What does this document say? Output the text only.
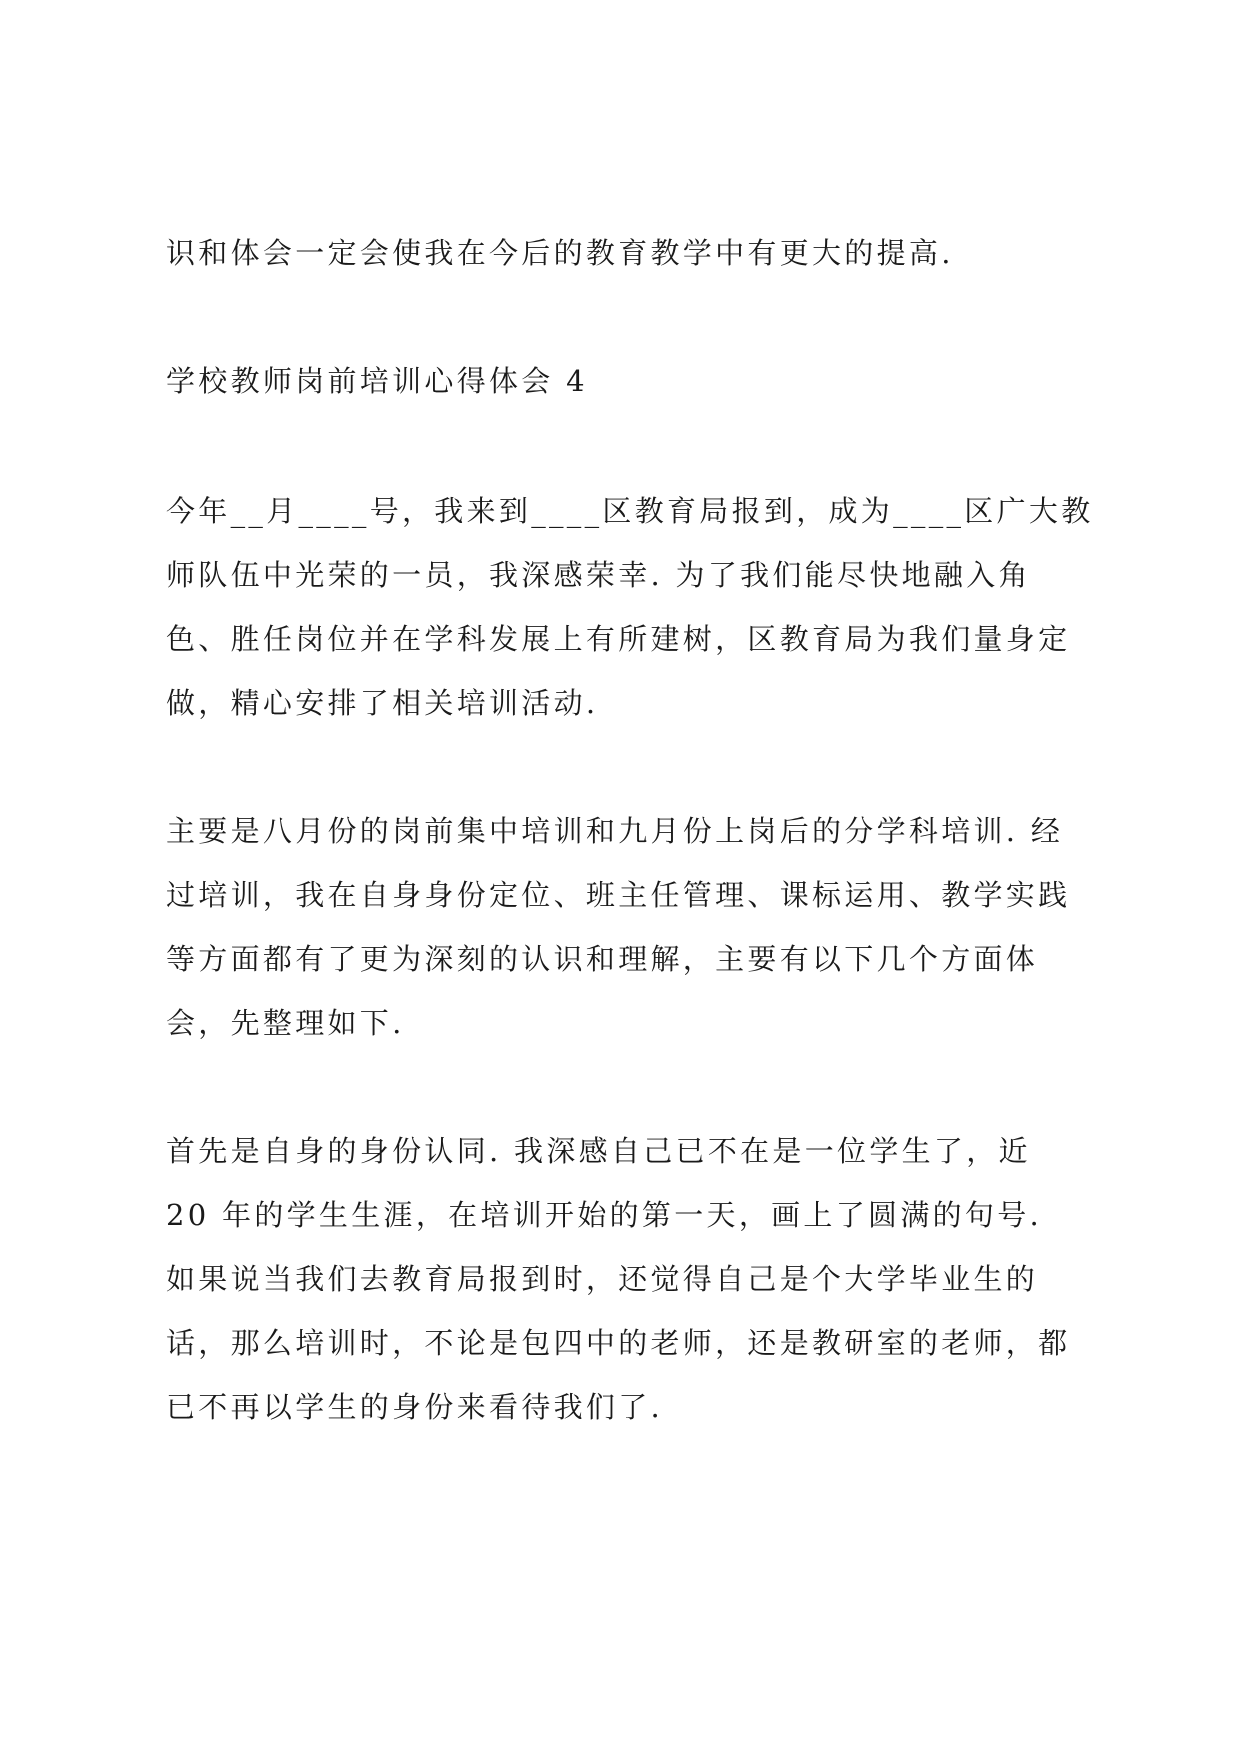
识和体会一定会使我在今后的教育教学中有更大的提高.

学校教师岗前培训心得体会 4

今年__月____号，我来到____区教育局报到，成为____区广大教

师队伍中光荣的一员，我深感荣幸. 为了我们能尽快地融入角

色、胜任岗位并在学科发展上有所建树，区教育局为我们量身定

做，精心安排了相关培训活动.

主要是八月份的岗前集中培训和九月份上岗后的分学科培训. 经

过培训，我在自身身份定位、班主任管理、课标运用、教学实践

等方面都有了更为深刻的认识和理解，主要有以下几个方面体

会，先整理如下.

首先是自身的身份认同. 我深感自己已不在是一位学生了，近

20 年的学生生涯，在培训开始的第一天，画上了圆满的句号.

如果说当我们去教育局报到时，还觉得自己是个大学毕业生的

话，那么培训时，不论是包四中的老师，还是教研室的老师，都

已不再以学生的身份来看待我们了.
